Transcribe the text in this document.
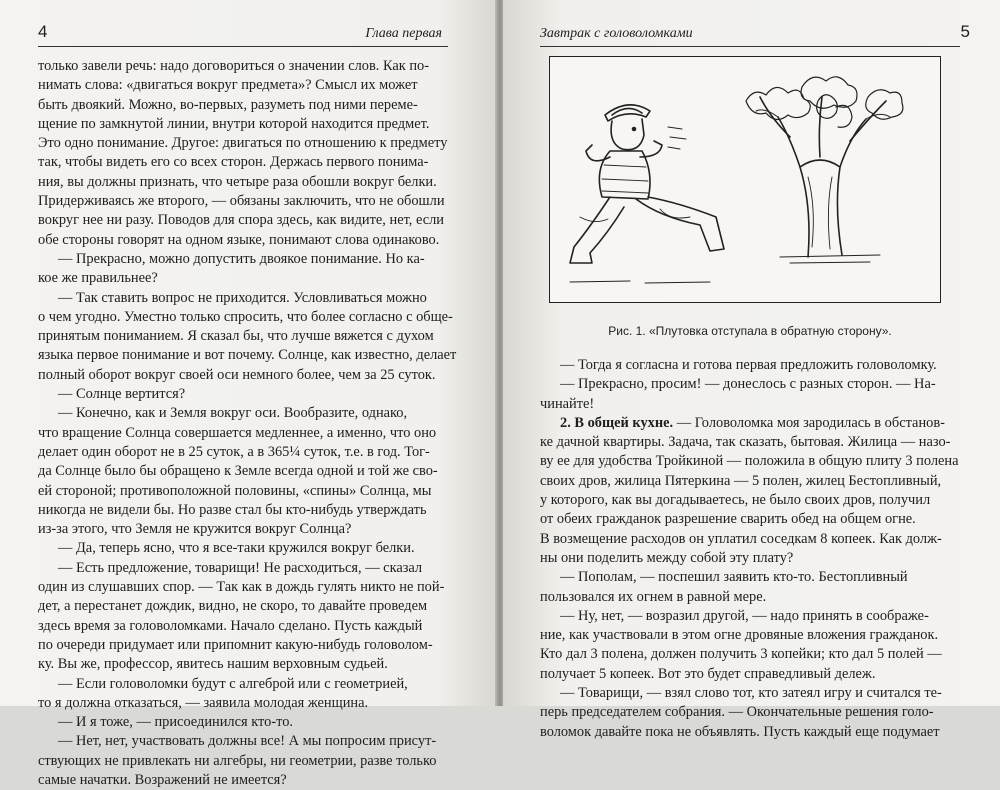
4	Глава первая
только завели речь: надо договориться о значении слов. Как по-
нимать слова: «двигаться вокруг предмета»? Смысл их может
быть двоякий. Можно, во-первых, разуметь под ними переме-
щение по замкнутой линии, внутри которой находится предмет.
Это одно понимание. Другое: двигаться по отношению к предмету
так, чтобы видеть его со всех сторон. Держась первого понима-
ния, вы должны признать, что четыре раза обошли вокруг белки.
Придерживаясь же второго, — обязаны заключить, что не обошли
вокруг нее ни разу. Поводов для спора здесь, как видите, нет, если
обе стороны говорят на одном языке, понимают слова одинаково.
— Прекрасно, можно допустить двоякое понимание. Но ка-
кое же правильнее?
— Так ставить вопрос не приходится. Условливаться можно
о чем угодно. Уместно только спросить, что более согласно с обще-
принятым пониманием. Я сказал бы, что лучше вяжется с духом
языка первое понимание и вот почему. Солнце, как известно, делает
полный оборот вокруг своей оси немного более, чем за 25 суток.
— Солнце вертится?
— Конечно, как и Земля вокруг оси. Вообразите, однако,
что вращение Солнца совершается медленнее, а именно, что оно
делает один оборот не в 25 суток, а в 365¼ суток, т.е. в год. Тог-
да Солнце было бы обращено к Земле всегда одной и той же сво-
ей стороной; противоположной половины, «спины» Солнца, мы
никогда не видели бы. Но разве стал бы кто-нибудь утверждать
из-за этого, что Земля не кружится вокруг Солнца?
— Да, теперь ясно, что я все-таки кружился вокруг белки.
— Есть предложение, товарищи! Не расходиться, — сказал
один из слушавших спор. — Так как в дождь гулять никто не пой-
дет, а перестанет дождик, видно, не скоро, то давайте проведем
здесь время за головоломками. Начало сделано. Пусть каждый
по очереди придумает или припомнит какую-нибудь головолом-
ку. Вы же, профессор, явитесь нашим верховным судьей.
— Если головоломки будут с алгеброй или с геометрией,
то я должна отказаться, — заявила молодая женщина.
— И я тоже, — присоединился кто-то.
— Нет, нет, участвовать должны все! А мы попросим присут-
ствующих не привлекать ни алгебры, ни геометрии, разве только
самые начатки. Возражений не имеется?
Завтрак с головоломками	5
Рис. 1. «Плутовка отступала в обратную сторону».
— Тогда я согласна и готова первая предложить головоломку.
— Прекрасно, просим! — донеслось с разных сторон. — На-
чинайте!
2. В общей кухне. — Головоломка моя зародилась в обстанов-
ке дачной квартиры. Задача, так сказать, бытовая. Жилица — назо-
ву ее для удобства Тройкиной — положила в общую плиту 3 полена
своих дров, жилица Пятеркина — 5 полен, жилец Бестопливный,
у которого, как вы догадываетесь, не было своих дров, получил
от обеих гражданок разрешение сварить обед на общем огне.
В возмещение расходов он уплатил соседкам 8 копеек. Как долж-
ны они поделить между собой эту плату?
— Пополам, — поспешил заявить кто-то. Бестопливный
пользовался их огнем в равной мере.
— Ну, нет, — возразил другой, — надо принять в соображе-
ние, как участвовали в этом огне дровяные вложения гражданок.
Кто дал 3 полена, должен получить 3 копейки; кто дал 5 полей —
получает 5 копеек. Вот это будет справедливый дележ.
— Товарищи, — взял слово тот, кто затеял игру и считался те-
перь председателем собрания. — Окончательные решения голо-
воломок давайте пока не объявлять. Пусть каждый еще подумает
